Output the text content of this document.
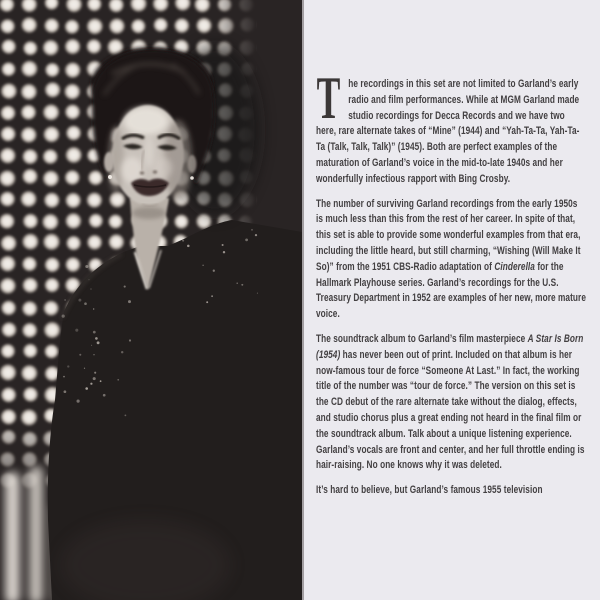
T he recordings in this set are not limited to Garland’s early radio and film performances. While at MGM Garland made studio recordings for Decca Records and we have two here, rare alternate takes of “Mine” (1944) and “Yah-Ta-Ta, Yah-Ta-Ta (Talk, Talk, Talk)” (1945). Both are perfect examples of the maturation of Garland’s voice in the mid-to-late 1940s and her wonderfully infectious rapport with Bing Crosby.

The number of surviving Garland recordings from the early 1950s is much less than this from the rest of her career. In spite of that, this set is able to provide some wonderful examples from that era, including the little heard, but still charming, “Wishing (Will Make It So)” from the 1951 CBS-Radio adaptation of Cinderella for the Hallmark Playhouse series. Garland’s recordings for the U.S. Treasury Department in 1952 are examples of her new, more mature voice.

The soundtrack album to Garland’s film masterpiece A Star Is Born (1954) has never been out of print. Included on that album is her now-famous tour de force “Someone At Last.” In fact, the working title of the number was “tour de force.” The version on this set is the CD debut of the rare alternate take without the dialog, effects, and studio chorus plus a great ending not heard in the final film or the soundtrack album. Talk about a unique listening experience. Garland’s vocals are front and center, and her full throttle ending is hair-raising. No one knows why it was deleted.

It’s hard to believe, but Garland’s famous 1955 television
